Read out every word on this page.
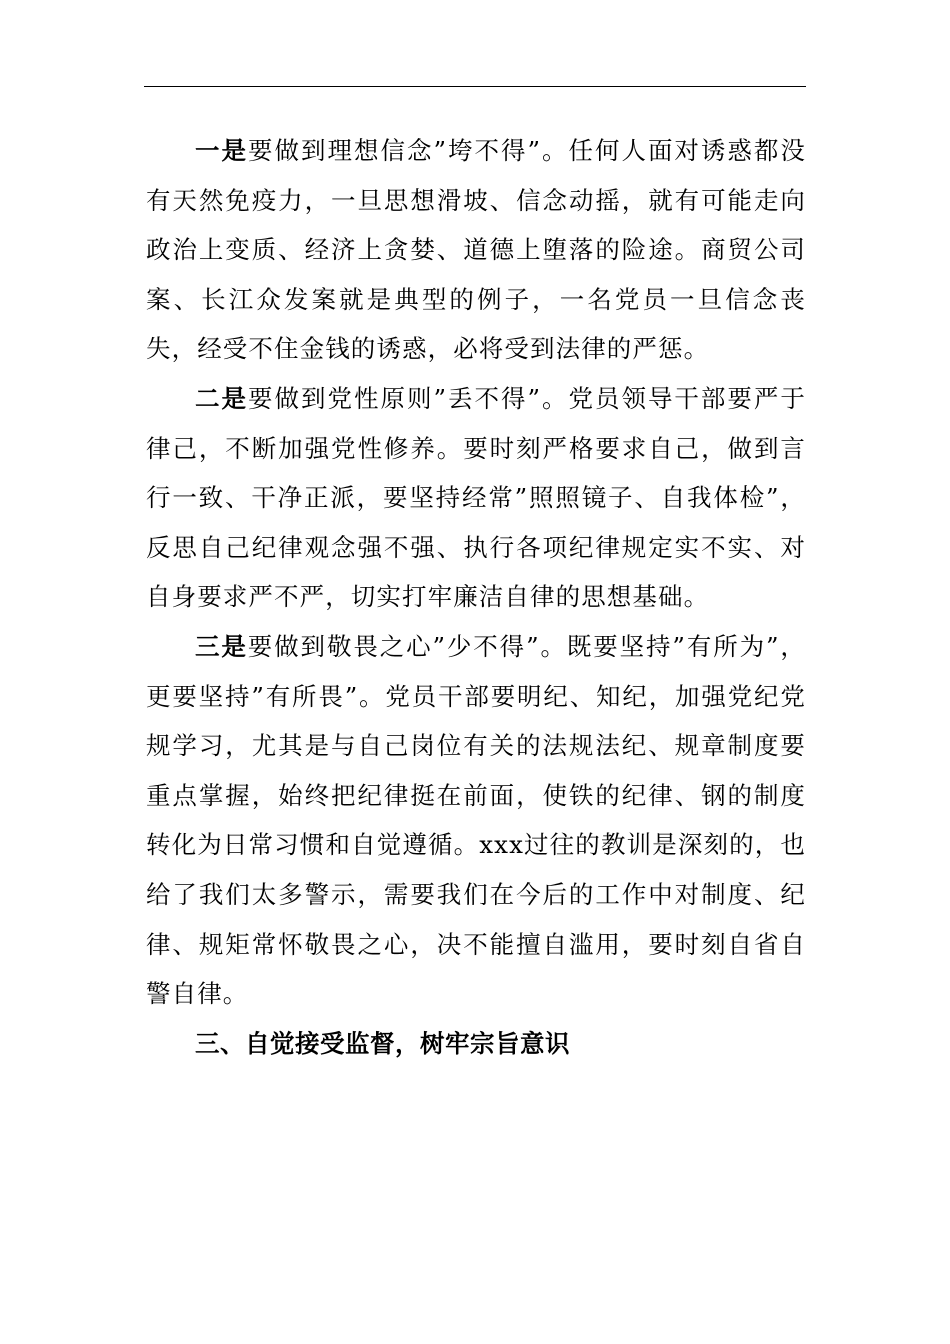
一是要做到理想信念”垮不得”。任何人面对诱惑都没有天然免疫力，一旦思想滑坡、信念动摇，就有可能走向政治上变质、经济上贪婪、道德上堕落的险途。商贸公司案、长江众发案就是典型的例子，一名党员一旦信念丧失，经受不住金钱的诱惑，必将受到法律的严惩。

二是要做到党性原则”丢不得”。党员领导干部要严于律己，不断加强党性修养。要时刻严格要求自己，做到言行一致、干净正派，要坚持经常”照照镜子、自我体检”，反思自己纪律观念强不强、执行各项纪律规定实不实、对自身要求严不严，切实打牢廉洁自律的思想基础。

三是要做到敬畏之心”少不得”。既要坚持”有所为”，更要坚持”有所畏”。党员干部要明纪、知纪，加强党纪党规学习，尤其是与自己岗位有关的法规法纪、规章制度要重点掌握，始终把纪律挺在前面，使铁的纪律、钢的制度转化为日常习惯和自觉遵循。xxx过往的教训是深刻的，也给了我们太多警示，需要我们在今后的工作中对制度、纪律、规矩常怀敬畏之心，决不能擅自滥用，要时刻自省自警自律。

三、自觉接受监督，树牢宗旨意识
